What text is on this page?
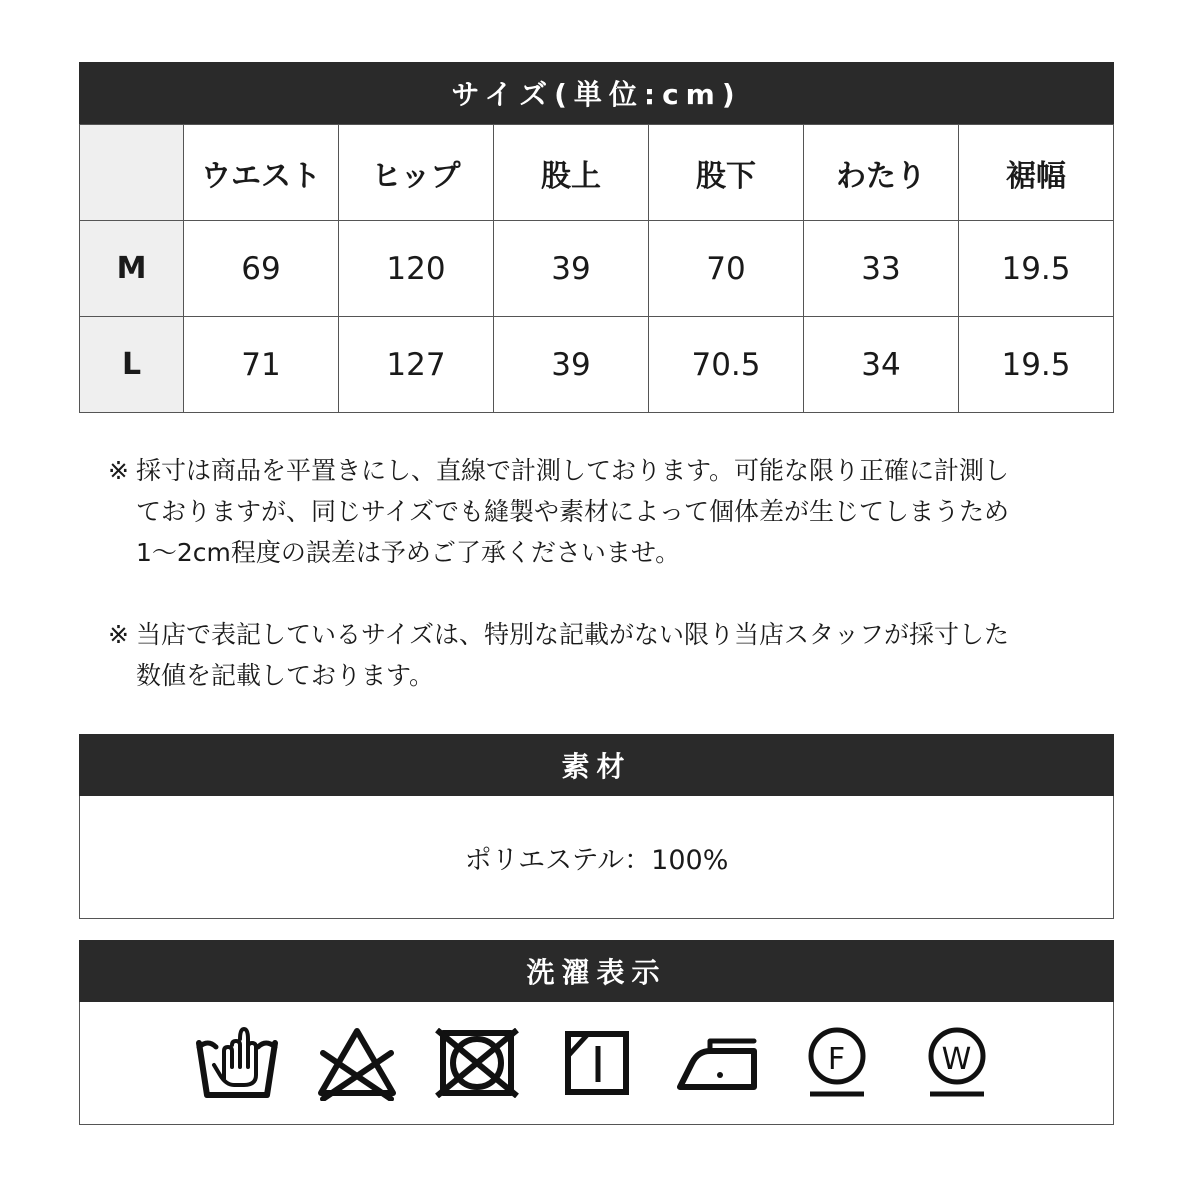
サイズ(単位:cm)
	ウエスト	ヒップ	股上	股下	わたり	裾幅
M	69	120	39	70	33	19.5
L	71	127	39	70.5	34	19.5
※ 採寸は商品を平置きにし、直線で計測しております。可能な限り正確に計測し
ておりますが、同じサイズでも縫製や素材によって個体差が生じてしまうため
1〜2cm程度の誤差は予めご了承くださいませ。
※ 当店で表記しているサイズは、特別な記載がない限り当店スタッフが採寸した
数値を記載しております。
素材
ポリエステル：100%
洗濯表示
F	W
